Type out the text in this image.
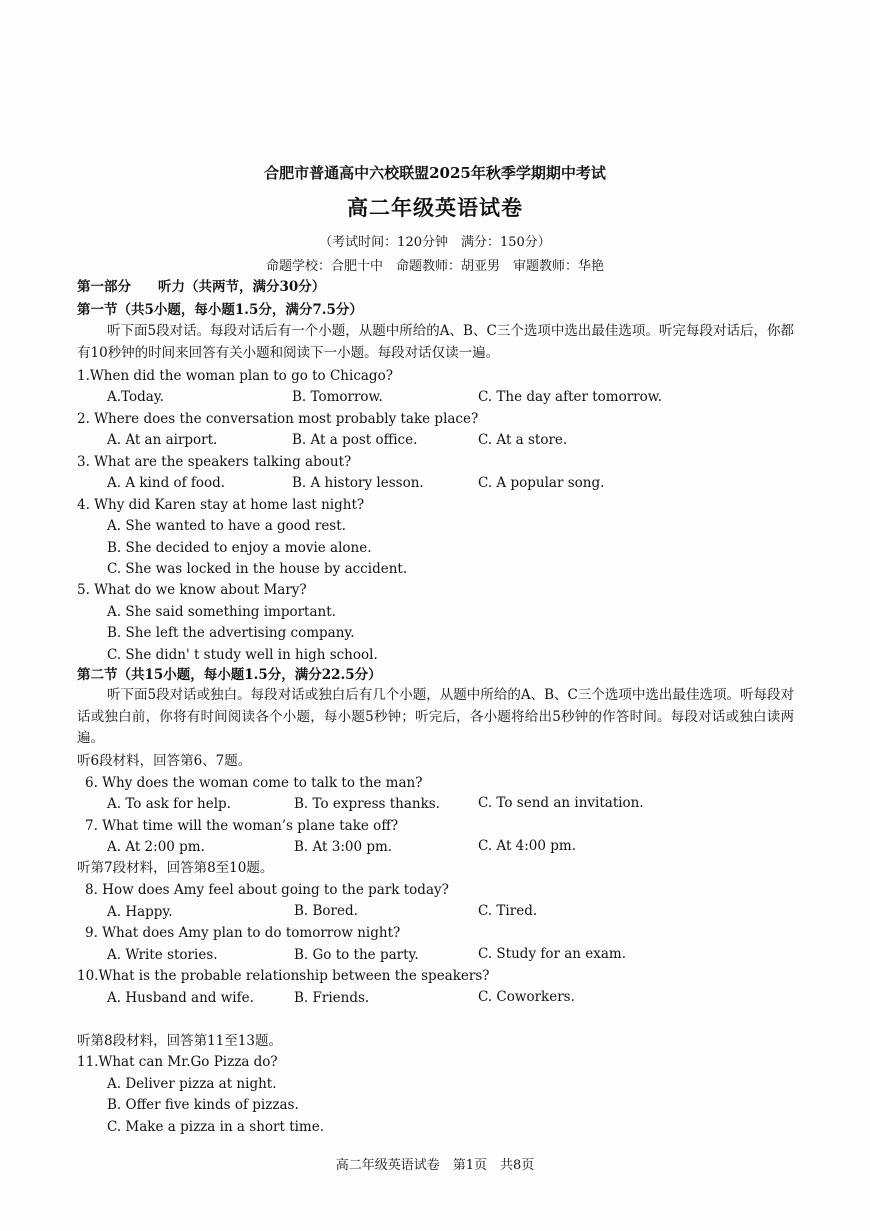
合肥市普通高中六校联盟2025年秋季学期期中考试
高二年级英语试卷
（考试时间：120分钟　满分：150分）
命题学校：合肥十中　命题教师：胡亚男　审题教师：华艳
第一部分　　听力（共两节，满分30分）
第一节（共5小题，每小题1.5分，满分7.5分）
听下面5段对话。每段对话后有一个小题，从题中所给的A、B、C三个选项中选出最佳选项。听完每段对话后，你都有10秒钟的时间来回答有关小题和阅读下一小题。每段对话仅读一遍。
1.When did the woman plan to go to Chicago?
A.Today.	B. Tomorrow.	C. The day after tomorrow.
2. Where does the conversation most probably take place?
A. At an airport.	B. At a post office.	C. At a store.
3. What are the speakers talking about?
A. A kind of food.	B. A history lesson.	C. A popular song.
4. Why did Karen stay at home last night?
A. She wanted to have a good rest.
B. She decided to enjoy a movie alone.
C. She was locked in the house by accident.
5. What do we know about Mary?
A. She said something important.
B. She left the advertising company.
C. She didn' t study well in high school.
第二节（共15小题，每小题1.5分，满分22.5分）
听下面5段对话或独白。每段对话或独白后有几个小题，从题中所给的A、B、C三个选项中选出最佳选项。听每段对话或独白前，你将有时间阅读各个小题，每小题5秒钟；听完后，各小题将给出5秒钟的作答时间。每段对话或独白读两遍。
听6段材料，回答第6、7题。
6. Why does the woman come to talk to the man?
A. To ask for help.	B. To express thanks.	C. To send an invitation.
7. What time will the woman’s plane take off?
A. At 2:00 pm.	B. At 3:00 pm.	C. At 4:00 pm.
听第7段材料，回答第8至10题。
8. How does Amy feel about going to the park today?
A. Happy.	B. Bored.	C. Tired.
9. What does Amy plan to do tomorrow night?
A. Write stories.	B. Go to the party.	C. Study for an exam.
10.What is the probable relationship between the speakers?
A. Husband and wife.	B. Friends.	C. Coworkers.
听第8段材料，回答第11至13题。
11.What can Mr.Go Pizza do?
A. Deliver pizza at night.
B. Offer five kinds of pizzas.
C. Make a pizza in a short time.
高二年级英语试卷　第1页　共8页
